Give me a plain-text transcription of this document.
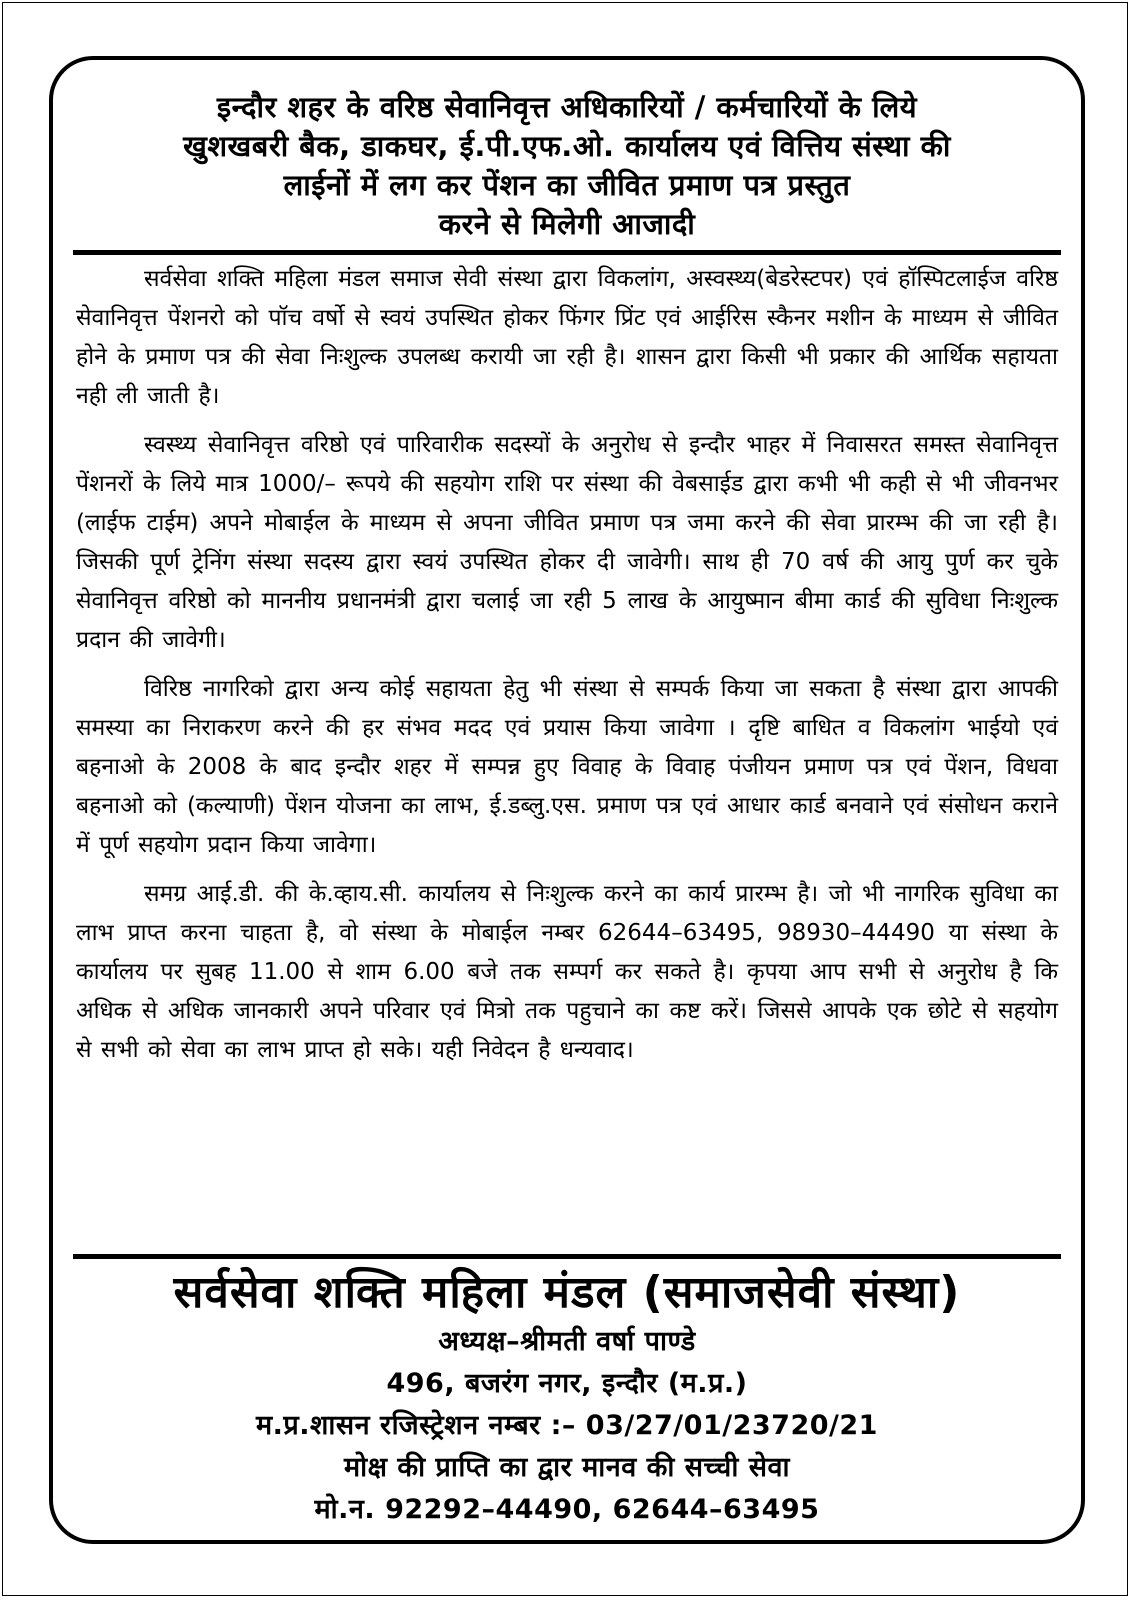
इन्दौर शहर के वरिष्ठ सेवानिवृत्त अधिकारियों / कर्मचारियों के लिये
खुशखबरी बैक, डाकघर, ई.पी.एफ.ओ. कार्यालय एवं वित्तिय संस्था की
लाईनों में लग कर पेंशन का जीवित प्रमाण पत्र प्रस्तुत
करने से मिलेगी आजादी

सर्वसेवा शक्ति महिला मंडल समाज सेवी संस्था द्वारा विकलांग, अस्वस्थ्य(बेडरेस्टपर) एवं हॉस्पिटलाईज वरिष्ठ सेवानिवृत्त पेंशनरो को पॉच वर्षो से स्वयं उपस्थित होकर फिंगर प्रिंट एवं आईरिस स्कैनर मशीन के माध्यम से जीवित होने के प्रमाण पत्र की सेवा निःशुल्क उपलब्ध करायी जा रही है। शासन द्वारा किसी भी प्रकार की आर्थिक सहायता नही ली जाती है।

स्वस्थ्य सेवानिवृत्त वरिष्ठो एवं पारिवारीक सदस्यों के अनुरोध से इन्दौर भाहर में निवासरत समस्त सेवानिवृत्त पेंशनरों के लिये मात्र 1000/– रूपये की सहयोग राशि पर संस्था की वेबसाईड द्वारा कभी भी कही से भी जीवनभर (लाईफ टाईम) अपने मोबाईल के माध्यम से अपना जीवित प्रमाण पत्र जमा करने की सेवा प्रारम्भ की जा रही है। जिसकी पूर्ण ट्रेनिंग संस्था सदस्य द्वारा स्वयं उपस्थित होकर दी जावेगी। साथ ही 70 वर्ष की आयु पुर्ण कर चुके सेवानिवृत्त वरिष्ठो को माननीय प्रधानमंत्री द्वारा चलाई जा रही 5 लाख के आयुष्मान बीमा कार्ड की सुविधा निःशुल्क प्रदान की जावेगी।

विरिष्ठ नागरिको द्वारा अन्य कोई सहायता हेतु भी संस्था से सम्पर्क किया जा सकता है संस्था द्वारा आपकी समस्या का निराकरण करने की हर संभव मदद एवं प्रयास किया जावेगा । दृष्टि बाधित व विकलांग भाईयो एवं बहनाओ के 2008 के बाद इन्दौर शहर में सम्पन्न हुए विवाह के विवाह पंजीयन प्रमाण पत्र एवं पेंशन, विधवा बहनाओ को (कल्याणी) पेंशन योजना का लाभ, ई.डब्लु.एस. प्रमाण पत्र एवं आधार कार्ड बनवाने एवं संसोधन कराने में पूर्ण सहयोग प्रदान किया जावेगा।

समग्र आई.डी. की के.व्हाय.सी. कार्यालय से निःशुल्क करने का कार्य प्रारम्भ है। जो भी नागरिक सुविधा का लाभ प्राप्त करना चाहता है, वो संस्था के मोबाईल नम्बर 62644–63495, 98930–44490 या संस्था के कार्यालय पर सुबह 11.00 से शाम 6.00 बजे तक सम्पर्ग कर सकते है। कृपया आप सभी से अनुरोध है कि अधिक से अधिक जानकारी अपने परिवार एवं मित्रो तक पहुचाने का कष्ट करें। जिससे आपके एक छोटे से सहयोग से सभी को सेवा का लाभ प्राप्त हो सके। यही निवेदन है धन्यवाद।

सर्वसेवा शक्ति महिला मंडल (समाजसेवी संस्था)
अध्यक्ष–श्रीमती वर्षा पाण्डे
496, बजरंग नगर, इन्दौर (म.प्र.)
म.प्र.शासन रजिस्ट्रेशन नम्बर :– 03/27/01/23720/21
मोक्ष की प्राप्ति का द्वार मानव की सच्ची सेवा
मो.न. 92292–44490, 62644–63495
